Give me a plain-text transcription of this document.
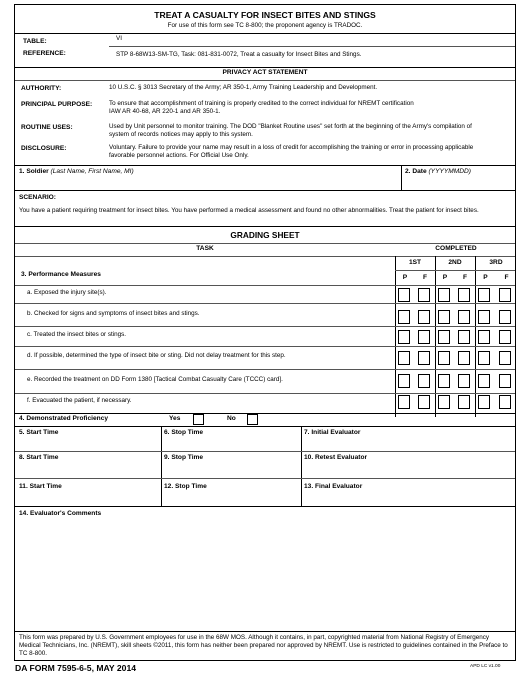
TREAT A CASUALTY FOR INSECT BITES AND STINGS
For use of this form see TC 8-800; the proponent agency is TRADOC.
TABLE:	VI
REFERENCE:	STP 8-68W13-SM-TG, Task: 081-831-0072, Treat a casualty for Insect Bites and Stings.
PRIVACY ACT STATEMENT
AUTHORITY:	10 U.S.C. § 3013 Secretary of the Army; AR 350-1, Army Training Leadership and Development.
PRINCIPAL PURPOSE:	To ensure that accomplishment of training is properly credited to the correct individual for NREMT certification IAW AR 40-68, AR 220-1 and AR 350-1.
ROUTINE USES:	Used by Unit personnel to monitor training. The DOD "Blanket Routine uses" set forth at the beginning of the Army's compilation of system of records notices may apply to this system.
DISCLOSURE:	Voluntary. Failure to provide your name may result in a loss of credit for accomplishing the training or error in processing applicable favorable personnel actions. For Official Use Only.
1. Soldier (Last Name, First Name, MI)	2. Date (YYYYMMDD)
SCENARIO:
You have a patient requiring treatment for insect bites. You have performed a medical assessment and found no other abnormalities. Treat the patient for insect bites.
GRADING SHEET
TASK	COMPLETED
1ST	2ND	3RD
3. Performance Measures	P	F	P	F	P	F
a. Exposed the injury site(s).
b. Checked for signs and symptoms of insect bites and stings.
c. Treated the insect bites or stings.
d. If possible, determined the type of insect bite or sting. Did not delay treatment for this step.
e. Recorded the treatment on DD Form 1380 [Tactical Combat Casualty Care (TCCC) card].
f. Evacuated the patient, if necessary.
4. Demonstrated Proficiency	Yes	No
5. Start Time	6. Stop Time	7. Initial Evaluator
8. Start Time	9. Stop Time	10. Retest Evaluator
11. Start Time	12. Stop Time	13. Final Evaluator
14. Evaluator's Comments
This form was prepared by U.S. Government employees for use in the 68W MOS. Although it contains, in part, copyrighted material from National Registry of Emergency Medical Technicians, Inc. (NREMT), skill sheets ©2011, this form has neither been prepared nor approved by NREMT. Use is restricted to guidelines contained in the Preface to TC 8-800.
DA FORM 7595-6-5, MAY 2014	APD LC v1.00
